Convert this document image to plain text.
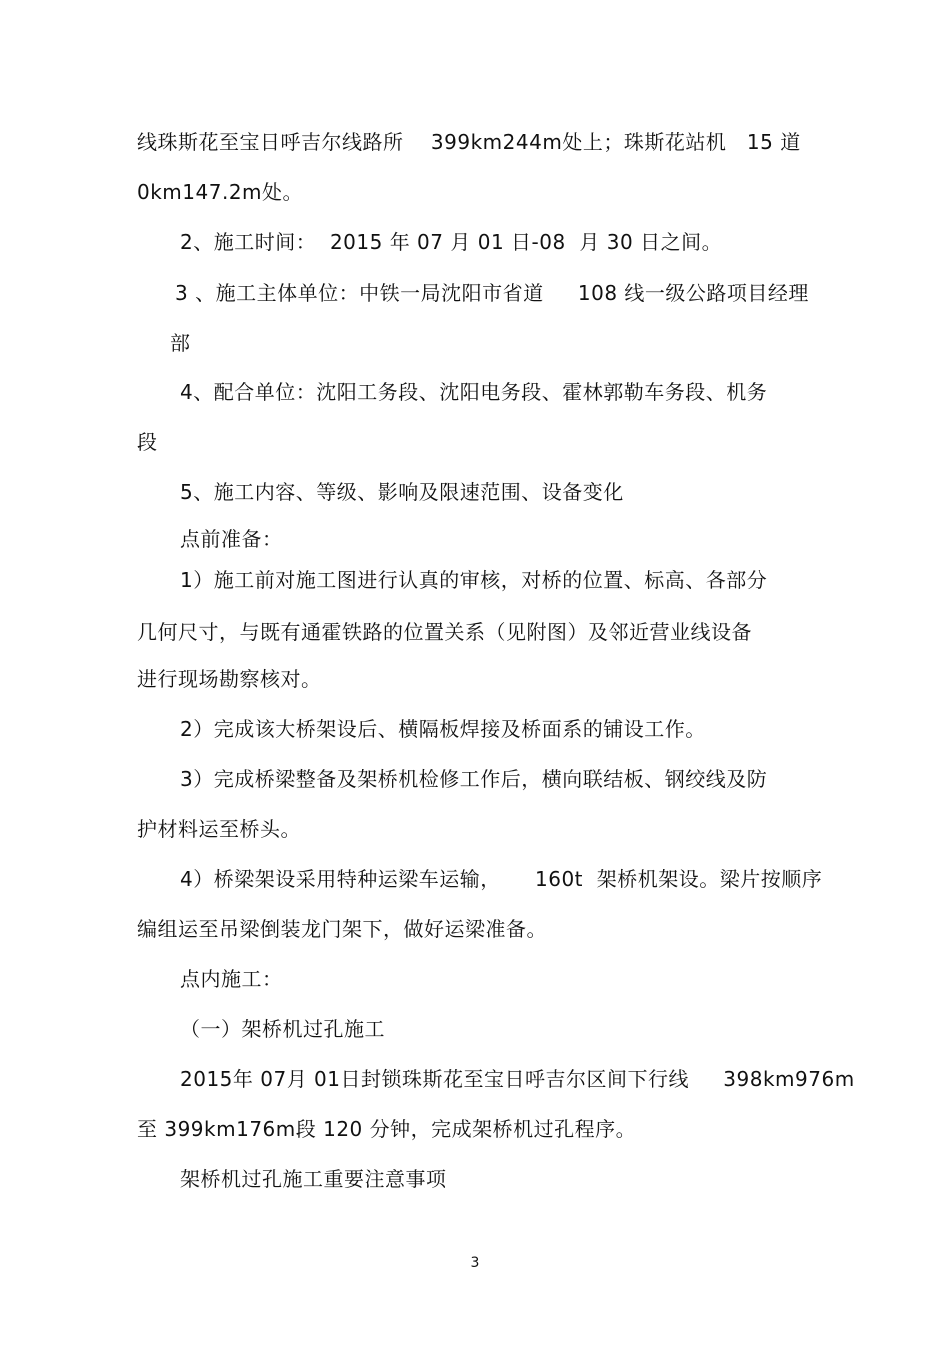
线珠斯花至宝日呼吉尔线路所    399km244m处上；珠斯花站机   15 道
0km147.2m处。
2、施工时间：  2015 年 07 月 01 日-08  月 30 日之间。
3 、施工主体单位：中铁一局沈阳市省道     108 线一级公路项目经理
部
4、配合单位：沈阳工务段、沈阳电务段、霍林郭勒车务段、机务
段
5、施工内容、等级、影响及限速范围、设备变化
点前准备：
1）施工前对施工图进行认真的审核，对桥的位置、标高、各部分
几何尺寸，与既有通霍铁路的位置关系（见附图）及邻近营业线设备
进行现场勘察核对。
2）完成该大桥架设后、横隔板焊接及桥面系的铺设工作。
3）完成桥梁整备及架桥机检修工作后，横向联结板、钢绞线及防
护材料运至桥头。
4）桥梁架设采用特种运梁车运输，     160t  架桥机架设。梁片按顺序
编组运至吊梁倒装龙门架下，做好运梁准备。
点内施工：
（一）架桥机过孔施工
2015年 07月 01日封锁珠斯花至宝日呼吉尔区间下行线     398km976m
至 399km176m段 120 分钟，完成架桥机过孔程序。
架桥机过孔施工重要注意事项
3
